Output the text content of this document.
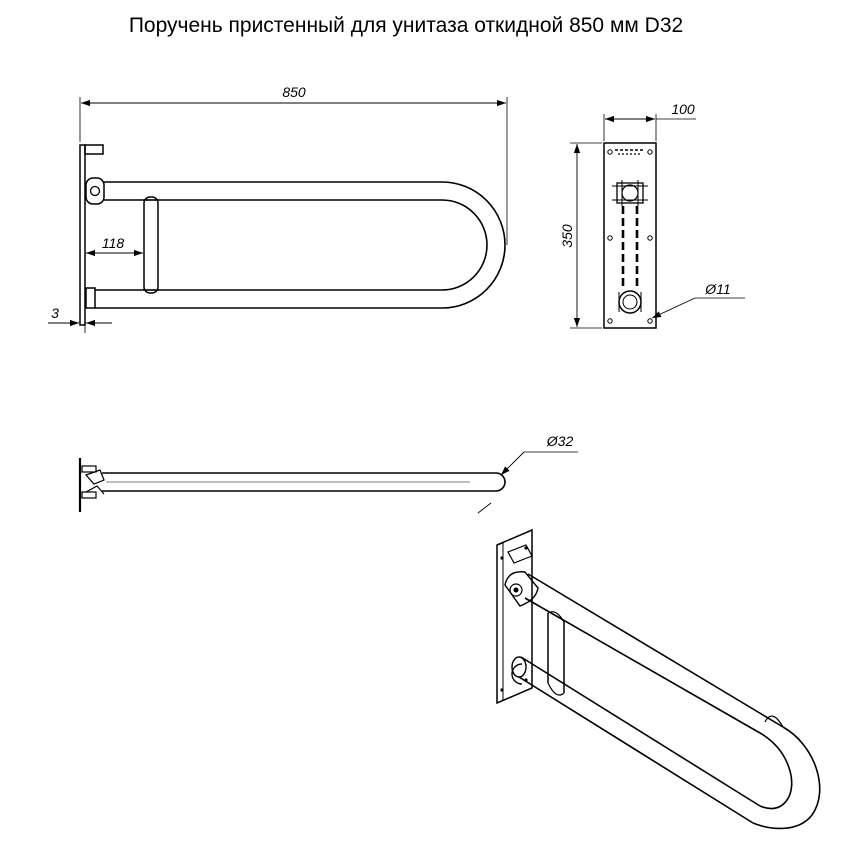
Поручень пристенный для унитаза откидной 850 мм D32
850
118
3
100
350
Ø11
Ø32
